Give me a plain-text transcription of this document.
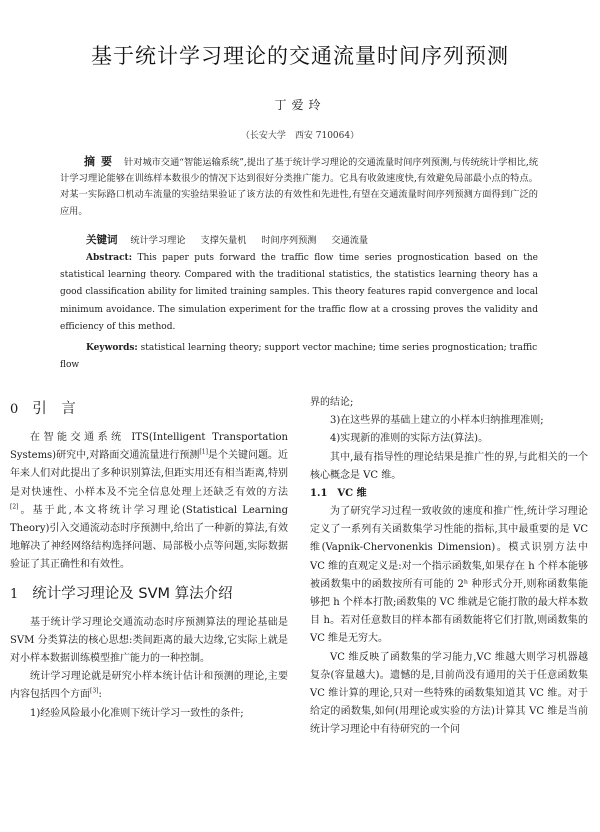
基于统计学习理论的交通流量时间序列预测
丁爱玲
（长安大学　西安 710064）
摘要 针对城市交通“智能运输系统”,提出了基于统计学习理论的交通流量时间序列预测,与传统统计学相比,统计学习理论能够在训练样本数很少的情况下达到很好分类推广能力。它具有收敛速度快,有效避免局部最小点的特点。对某一实际路口机动车流量的实验结果验证了该方法的有效性和先进性,有望在交通流量时间序列预测方面得到广泛的应用。
关键词 统计学习理论 支撑矢量机 时间序列预测 交通流量
Abstract: This paper puts forward the traffic flow time series prognostication based on the statistical learning theory. Compared with the traditional statistics, the statistics learning theory has a good classification ability for limited training samples. This theory features rapid convergence and local minimum avoidance. The simulation experiment for the traffic flow at a crossing proves the validity and efficiency of this method.
Keywords: statistical learning theory; support vector machine; time series prognostication; traffic flow
0 引　言

在智能交通系统 ITS(Intelligent Transportation Systems)研究中,对路面交通流量进行预测[1]是个关键问题。近年来人们对此提出了多种识别算法,但距实用还有相当距离,特别是对快速性、小样本及不完全信息处理上还缺乏有效的方法[2]。基于此,本文将统计学习理论(Statistical Learning Theory)引入交通流动态时序预测中,给出了一种新的算法,有效地解决了神经网络结构选择问题、局部极小点等问题,实际数据验证了其正确性和有效性。

1 统计学习理论及 SVM 算法介绍

基于统计学习理论交通流动态时序预测算法的理论基础是 SVM 分类算法的核心思想:类间距离的最大边缘,它实际上就是对小样本数据训练模型推广能力的一种控制。

统计学习理论就是研究小样本统计估计和预测的理论,主要内容包括四个方面[3]:

1)经验风险最小化准则下统计学习一致性的条件;

界的结论;

3)在这些界的基础上建立的小样本归纳推理准则;

4)实现新的准则的实际方法(算法)。

其中,最有指导性的理论结果是推广性的界,与此相关的一个核心概念是 VC 维。

1.1 VC 维

为了研究学习过程一致收敛的速度和推广性,统计学习理论定义了一系列有关函数集学习性能的指标,其中最重要的是 VC 维(Vapnik-Chervonenkis Dimension)。模式识别方法中 VC 维的直观定义是:对一个指示函数集,如果存在 h 个样本能够被函数集中的函数按所有可能的 2ʰ 种形式分开,则称函数集能够把 h 个样本打散;函数集的 VC 维就是它能打散的最大样本数目 h。若对任意数目的样本都有函数能将它们打散,则函数集的 VC 维是无穷大。

VC 维反映了函数集的学习能力,VC 维越大则学习机器越复杂(容量越大)。遗憾的是,目前尚没有通用的关于任意函数集 VC 维计算的理论,只对一些特殊的函数集知道其 VC 维。对于给定的函数集,如何(用理论或实验的方法)计算其 VC 维是当前统计学习理论中有待研究的一个问
